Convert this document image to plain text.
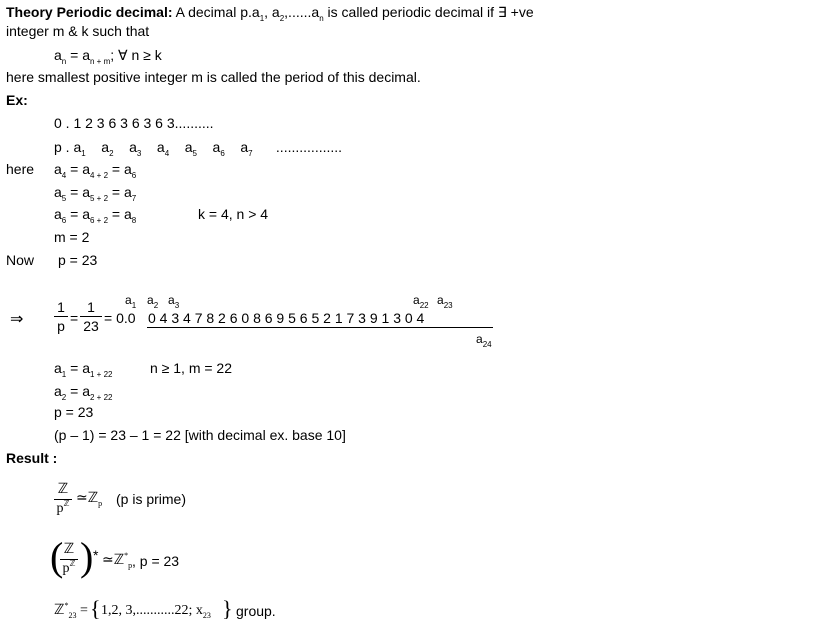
Theory Periodic decimal: A decimal $p.a_1$, $a_2,......a_n$ is called periodic decimal if ∃ +ve
integer m & k such that
$a_n = a_{n + m}$; ∀ n ≥ k
here smallest positive integer m is called the period of this decimal.
Ex:
0 . 1 2 3 6 3 6 3 6 3..........
p . $a_1$ $a_2$ $a_3$ $a_4$ $a_5$ $a_6$ $a_7$ .................
here $a_4 = a_{4 + 2} = a_6$
$a_5 = a_{5 + 2} = a_7$
$a_6 = a_{6 + 2} = a_8$	k = 4, n > 4
m = 2
Now p = 23
$a_1$ $a_2$ $a_3$	$a_{22}$ $a_{23}$
⇒
1
p =
1
23 = 0.0 0 4 3 4 7 8 2 6 0 8 6 9 5 6 5 2 1 7 3 9 1 3 0 4
$a_{24}$
$a_1 = a_{1 + 22}$	n ≥ 1, m = 22
$a_2 = a_{2 + 22}$
p = 23
(p – 1) = 23 – 1 = 22 [with decimal ex. base 10]
Result :
ℤ
$p^ℤ$ ≃ℤ$_p$ (p is prime)
( ℤ
$p^ℤ$ ) * ≃ℤ*$_p$ , p = 23
ℤ*$_{23}$ = { 1,2, 3,...........22; $x_{23}$ } group.
